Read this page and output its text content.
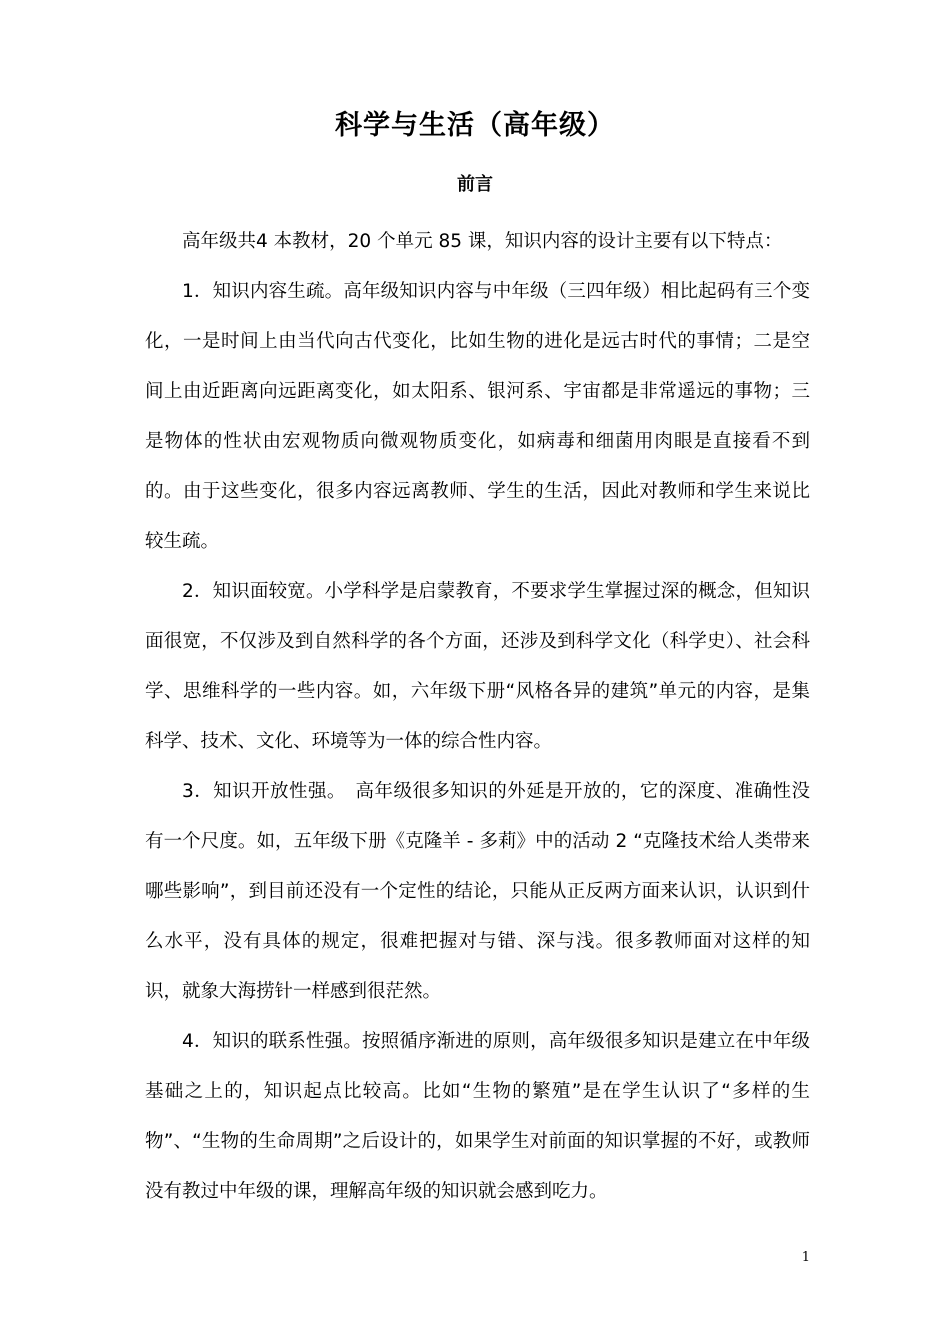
科学与生活（高年级）
前言

高年级共4 本教材，20 个单元 85 课，知识内容的设计主要有以下特点：

1．知识内容生疏。高年级知识内容与中年级（三四年级）相比起码有三个变化，一是时间上由当代向古代变化，比如生物的进化是远古时代的事情；二是空间上由近距离向远距离变化，如太阳系、银河系、宇宙都是非常遥远的事物；三是物体的性状由宏观物质向微观物质变化，如病毒和细菌用肉眼是直接看不到的。由于这些变化，很多内容远离教师、学生的生活，因此对教师和学生来说比较生疏。

2．知识面较宽。小学科学是启蒙教育，不要求学生掌握过深的概念，但知识面很宽，不仅涉及到自然科学的各个方面，还涉及到科学文化（科学史）、社会科学、思维科学的一些内容。如，六年级下册“风格各异的建筑”单元的内容，是集科学、技术、文化、环境等为一体的综合性内容。

3．知识开放性强。　高年级很多知识的外延是开放的，它的深度、准确性没有一个尺度。如，五年级下册《克隆羊 - 多莉》中的活动 2 “克隆技术给人类带来哪些影响”，到目前还没有一个定性的结论，只能从正反两方面来认识，认识到什么水平，没有具体的规定，很难把握对与错、深与浅。很多教师面对这样的知识，就象大海捞针一样感到很茫然。

4．知识的联系性强。按照循序渐进的原则，高年级很多知识是建立在中年级基础之上的，知识起点比较高。比如“生物的繁殖”是在学生认识了“多样的生物”、“生物的生命周期”之后设计的，如果学生对前面的知识掌握的不好，或教师没有教过中年级的课，理解高年级的知识就会感到吃力。

1
